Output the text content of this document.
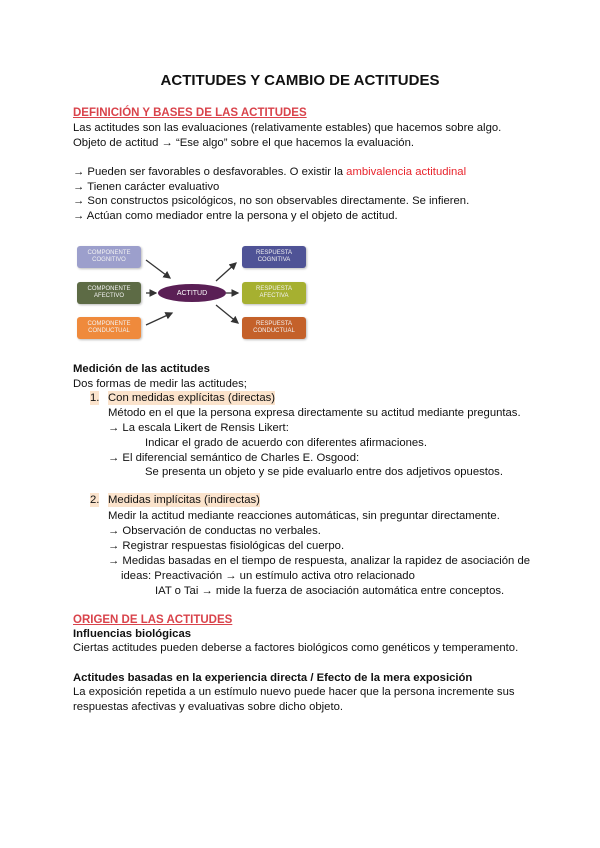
ACTITUDES Y CAMBIO DE ACTITUDES
DEFINICIÓN Y BASES DE LAS ACTITUDES
Las actitudes son las evaluaciones (relativamente estables) que hacemos sobre algo.
Objeto de actitud → “Ese algo” sobre el que hacemos la evaluación.
→ Pueden ser favorables o desfavorables. O existir la ambivalencia actitudinal
→ Tienen carácter evaluativo
→ Son constructos psicológicos, no son observables directamente. Se infieren.
→ Actúan como mediador entre la persona y el objeto de actitud.
COMPONENTE COGNITIVO
COMPONENTE AFECTIVO
COMPONENTE CONDUCTUAL
ACTITUD
RESPUESTA COGNITIVA
RESPUESTA AFECTIVA
RESPUESTA CONDUCTUAL
Medición de las actitudes
Dos formas de medir las actitudes;
1. Con medidas explícitas (directas)
Método en el que la persona expresa directamente su actitud mediante preguntas.
→ La escala Likert de Rensis Likert:
Indicar el grado de acuerdo con diferentes afirmaciones.
→ El diferencial semántico de Charles E. Osgood:
Se presenta un objeto y se pide evaluarlo entre dos adjetivos opuestos.
2. Medidas implícitas (indirectas)
Medir la actitud mediante reacciones automáticas, sin preguntar directamente.
→ Observación de conductas no verbales.
→ Registrar respuestas fisiológicas del cuerpo.
→ Medidas basadas en el tiempo de respuesta, analizar la rapidez de asociación de
ideas: Preactivación → un estímulo activa otro relacionado
IAT o Tai → mide la fuerza de asociación automática entre conceptos.
ORIGEN DE LAS ACTITUDES
Influencias biológicas
Ciertas actitudes pueden deberse a factores biológicos como genéticos y temperamento.
Actitudes basadas en la experiencia directa / Efecto de la mera exposición
La exposición repetida a un estímulo nuevo puede hacer que la persona incremente sus
respuestas afectivas y evaluativas sobre dicho objeto.
